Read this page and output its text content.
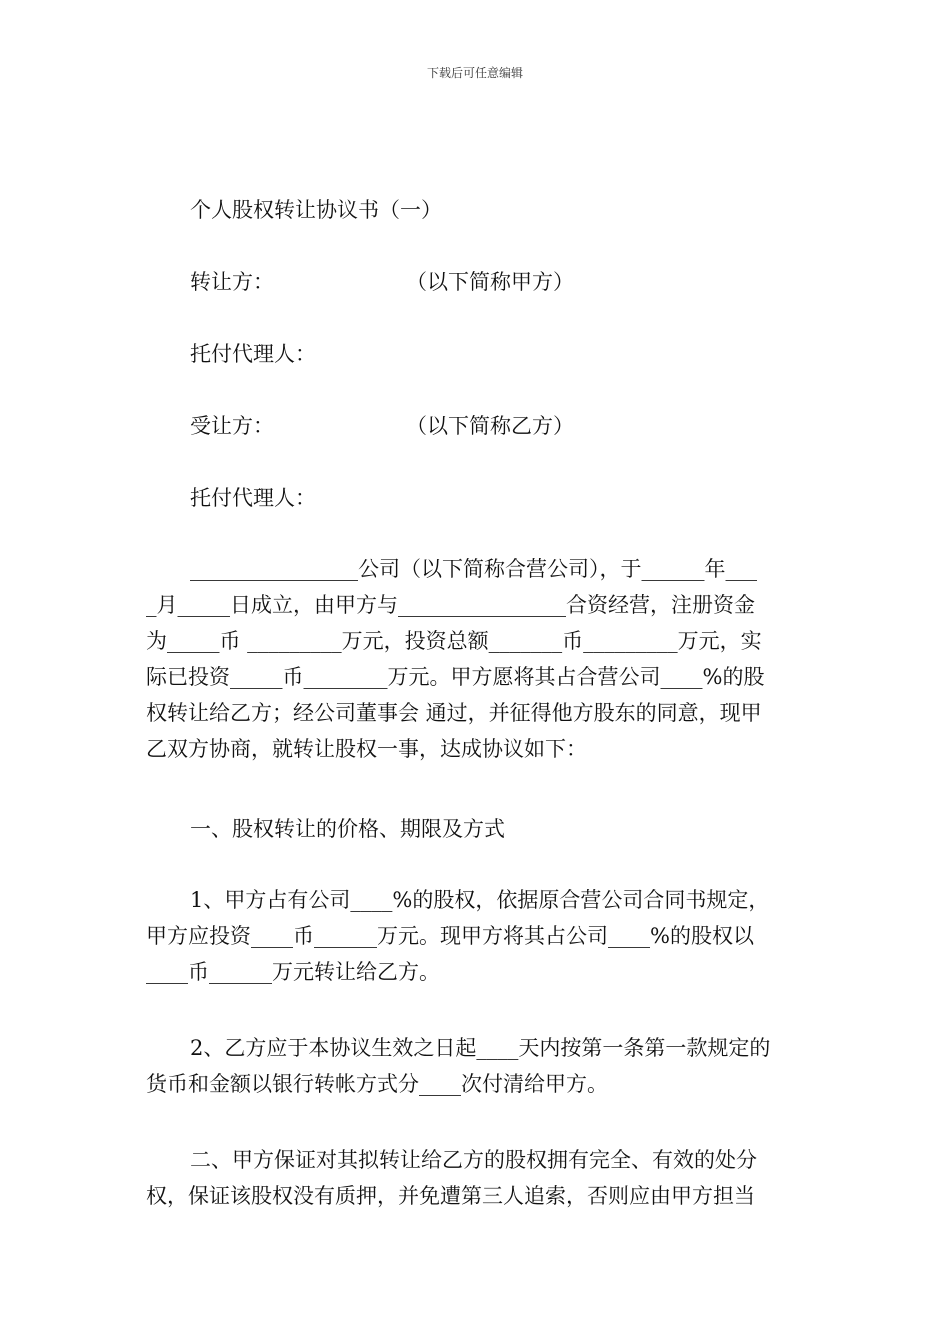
下载后可任意编辑
个人股权转让协议书（一）
转让方：	（以下简称甲方）
托付代理人：
受让方：	（以下简称乙方）
托付代理人：
________________公司（以下简称合营公司），于______年___
_月_____日成立，由甲方与________________合资经营，注册资金
为_____币 _________万元，投资总额_______币_________万元，实
际已投资_____币________万元。甲方愿将其占合营公司____%的股
权转让给乙方；经公司董事会 通过，并征得他方股东的同意，现甲
乙双方协商，就转让股权一事，达成协议如下：
一、股权转让的价格、期限及方式
1、甲方占有公司____%的股权，依据原合营公司合同书规定，
甲方应投资____币______万元。现甲方将其占公司____%的股权以
____币______万元转让给乙方。
2、乙方应于本协议生效之日起____天内按第一条第一款规定的
货币和金额以银行转帐方式分____次付清给甲方。
二、甲方保证对其拟转让给乙方的股权拥有完全、有效的处分
权，保证该股权没有质押，并免遭第三人追索，否则应由甲方担当
